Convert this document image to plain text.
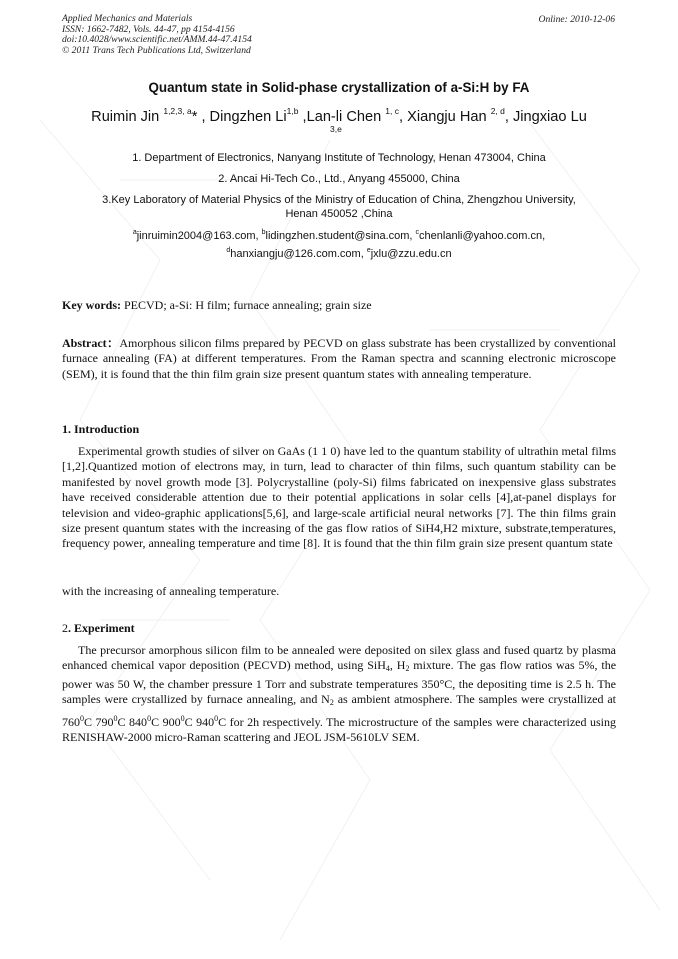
Applied Mechanics and Materials
ISSN: 1662-7482, Vols. 44-47, pp 4154-4156
doi:10.4028/www.scientific.net/AMM.44-47.4154
© 2011 Trans Tech Publications Ltd, Switzerland
Online: 2010-12-06
Quantum state in Solid-phase crystallization of a-Si:H by FA
Ruimin Jin $^{1,2,3, a}$* , Dingzhen Li$^{1,b}$ ,Lan-li Chen $^{1, c}$, Xiangju Han $^{2, d}$, Jingxiao Lu
3,e
1. Department of Electronics, Nanyang Institute of Technology, Henan 473004, China
2. Ancai Hi-Tech Co., Ltd., Anyang 455000, China
3.Key Laboratory of Material Physics of the Ministry of Education of China, Zhengzhou University,
Henan 450052 ,China
$^a$jinruimin2004@163.com, $^b$lidingzhen.student@sina.com, $^c$chenlanli@yahoo.com.cn,
$^d$hanxiangju@126.com.com, $^e$jxlu@zzu.edu.cn
Key words: PECVD; a-Si: H film; furnace annealing; grain size
Abstract：Amorphous silicon films prepared by PECVD on glass substrate has been crystallized by conventional furnace annealing (FA) at different temperatures. From the Raman spectra and scanning electronic microscope (SEM), it is found that the thin film grain size present quantum states with annealing temperature.
1. Introduction
Experimental growth studies of silver on GaAs (1 1 0) have led to the quantum stability of ultrathin metal films [1,2].Quantized motion of electrons may, in turn, lead to character of thin films, such quantum stability can be manifested by novel growth mode [3]. Polycrystalline (poly-Si) films fabricated on inexpensive glass substrates have received considerable attention due to their potential applications in solar cells [4],at-panel displays for television and video-graphic applications[5,6], and large-scale artificial neural networks [7]. The thin films grain size present quantum states with the increasing of the gas flow ratios of SiH4,H2 mixture, substrate,temperatures, frequency power, annealing temperature and time [8]. It is found that the thin film grain size present quantum state
with the increasing of annealing temperature.
2. Experiment
The precursor amorphous silicon film to be annealed were deposited on silex glass and fused quartz by plasma enhanced chemical vapor deposition (PECVD) method, using SiH$_4$, $H_2$ mixture. The gas flow ratios was 5%, the power was 50 W, the chamber pressure 1 Torr and substrate temperatures 350°C, the depositing time is 2.5 h. The samples were crystallized by furnace annealing, and $N_2$ as ambient atmosphere. The samples were crystallized at $760^0C$ $790^0C$ $840^0C$ $900^0C$ $940^0C$ for 2h respectively. The microstructure of the samples were characterized using RENISHAW-2000 micro-Raman scattering and JEOL JSM-5610LV SEM.
